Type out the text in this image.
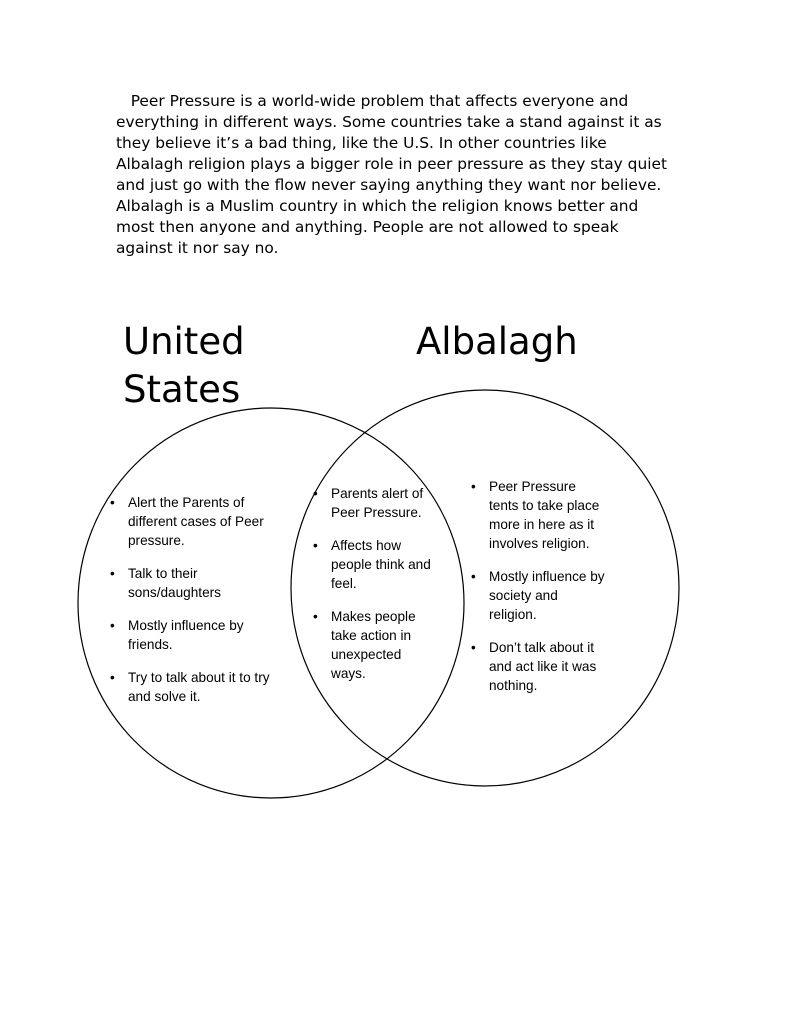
Peer Pressure is a world-wide problem that affects everyone and everything in different ways. Some countries take a stand against it as they believe it’s a bad thing, like the U.S. In other countries like Albalagh religion plays a bigger role in peer pressure as they stay quiet and just go with the flow never saying anything they want nor believe. Albalagh is a Muslim country in which the religion knows better and most then anyone and anything. People are not allowed to speak against it nor say no.

United
States
Albalagh
• Alert the Parents of different cases of Peer pressure.
• Talk to their sons/daughters
• Mostly influence by friends.
• Try to talk about it to try and solve it.
• Parents alert of Peer Pressure.
• Affects how people think and feel.
• Makes people take action in unexpected ways.
• Peer Pressure tents to take place more in here as it involves religion.
• Mostly influence by society and religion.
• Don’t talk about it and act like it was nothing.
